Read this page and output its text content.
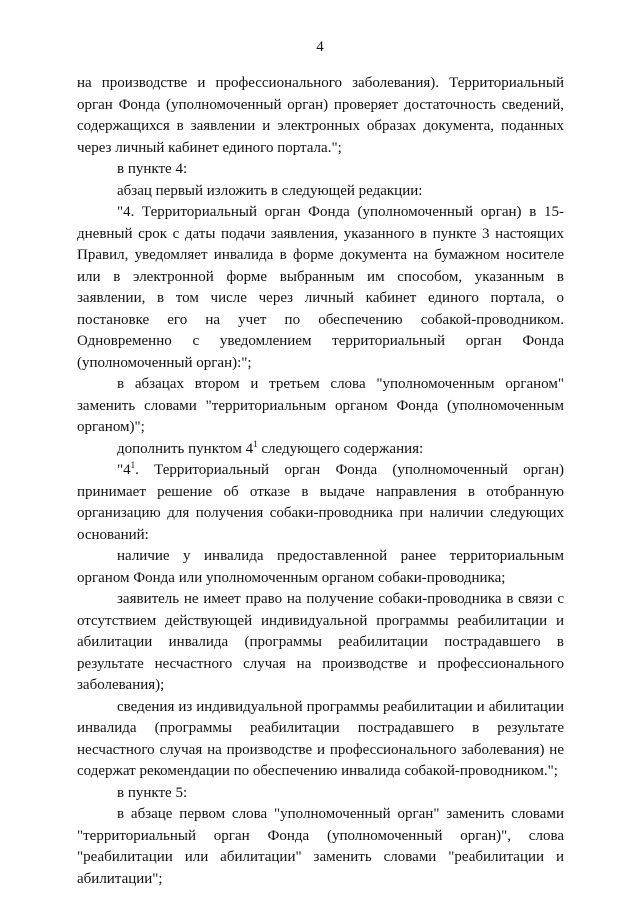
4

на производстве и профессионального заболевания). Территориальный орган Фонда (уполномоченный орган) проверяет достаточность сведений, содержащихся в заявлении и электронных образах документа, поданных через личный кабинет единого портала.";

в пункте 4:

абзац первый изложить в следующей редакции:

"4. Территориальный орган Фонда (уполномоченный орган) в 15-дневный срок с даты подачи заявления, указанного в пункте 3 настоящих Правил, уведомляет инвалида в форме документа на бумажном носителе или в электронной форме выбранным им способом, указанным в заявлении, в том числе через личный кабинет единого портала, о постановке его на учет по обеспечению собакой-проводником. Одновременно с уведомлением территориальный орган Фонда (уполномоченный орган):";

в абзацах втором и третьем слова "уполномоченным органом" заменить словами "территориальным органом Фонда (уполномоченным органом)";

дополнить пунктом $4^1$ следующего содержания:

"$4^1$. Территориальный орган Фонда (уполномоченный орган) принимает решение об отказе в выдаче направления в отобранную организацию для получения собаки-проводника при наличии следующих оснований:

наличие у инвалида предоставленной ранее территориальным органом Фонда или уполномоченным органом собаки-проводника;

заявитель не имеет право на получение собаки-проводника в связи с отсутствием действующей индивидуальной программы реабилитации и абилитации инвалида (программы реабилитации пострадавшего в результате несчастного случая на производстве и профессионального заболевания);

сведения из индивидуальной программы реабилитации и абилитации инвалида (программы реабилитации пострадавшего в результате несчастного случая на производстве и профессионального заболевания) не содержат рекомендации по обеспечению инвалида собакой-проводником.";

в пункте 5:

в абзаце первом слова "уполномоченный орган" заменить словами "территориальный орган Фонда (уполномоченный орган)", слова "реабилитации или абилитации" заменить словами "реабилитации и абилитации";
